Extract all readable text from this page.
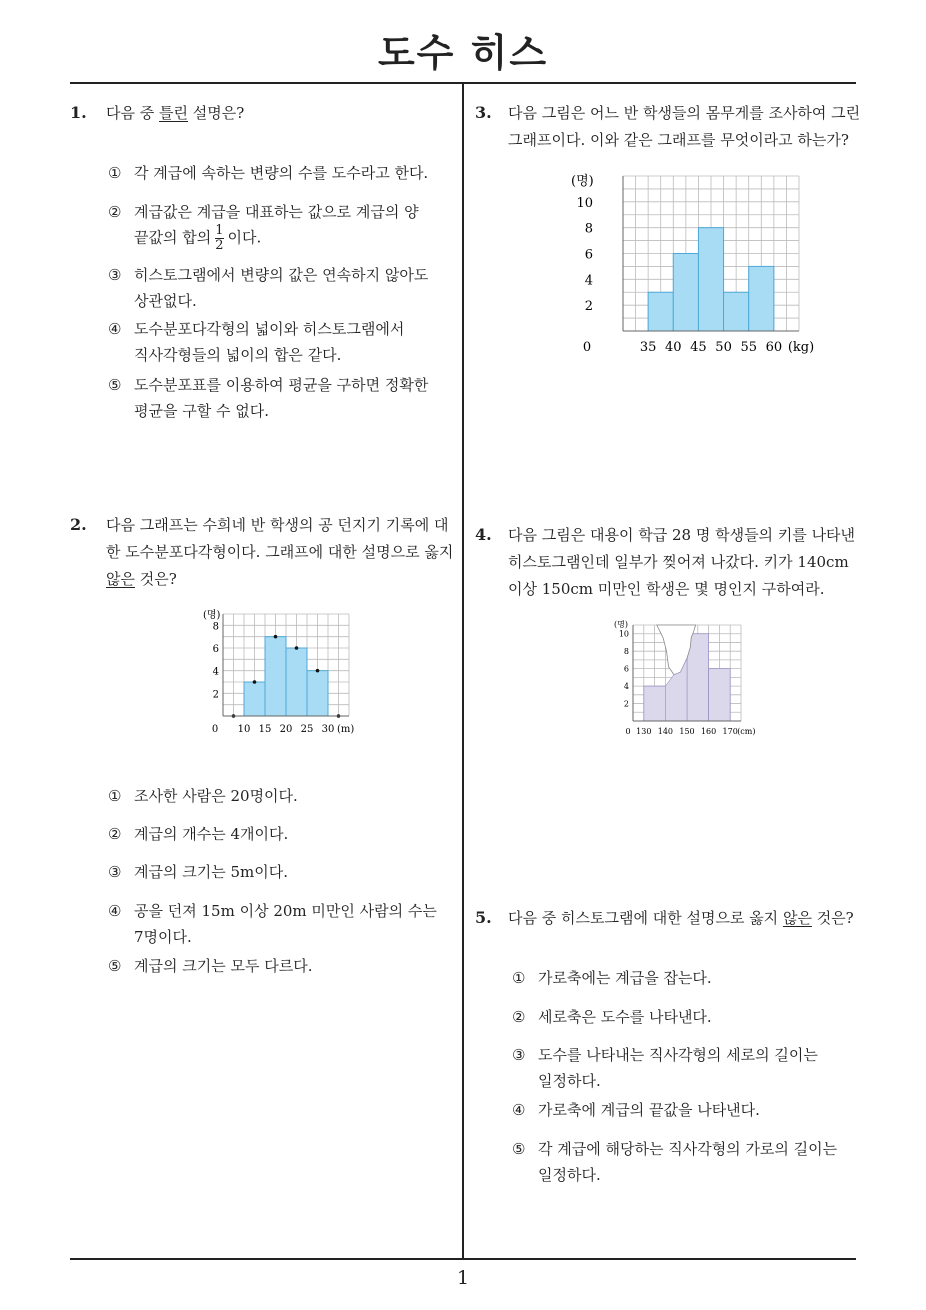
도수 히스
1
1. 다음 중 틀린 설명은?
① 각 계급에 속하는 변량의 수를 도수라고 한다.
② 계급값은 계급을 대표하는 값으로 계급의 양
끝값의 합의 $\frac{1}{2}$ 이다.
③ 히스토그램에서 변량의 값은 연속하지 않아도
상관없다.
④ 도수분포다각형의 넓이와 히스토그램에서
직사각형들의 넓이의 합은 같다.
⑤ 도수분포표를 이용하여 평균을 구하면 정확한
평균을 구할 수 없다.
2. 다음 그래프는 수희네 반 학생의 공 던지기 기록에 대
한 도수분포다각형이다. 그래프에 대한 설명으로 옳지
않은 것은?
(명)
2
4
6
8
0 10 15 20 25 30 (m)
① 조사한 사람은 20명이다.
② 계급의 개수는 4개이다.
③ 계급의 크기는 5m이다.
④ 공을 던져 15m 이상 20m 미만인 사람의 수는
7명이다.
⑤ 계급의 크기는 모두 다르다.
3. 다음 그림은 어느 반 학생들의 몸무게를 조사하여 그린
그래프이다. 이와 같은 그래프를 무엇이라고 하는가?
(명)
2
4
6
8
10
0	35 40 45 50 55 60 (kg)
4. 다음 그림은 대용이 학급 28 명 학생들의 키를 나타낸
히스토그램인데 일부가 찢어져 나갔다. 키가 140cm
이상 150cm 미만인 학생은 몇 명인지 구하여라.
(명)
2
4
6
8
10
0 130 140 150 160 170 (cm)
5. 다음 중 히스토그램에 대한 설명으로 옳지 않은 것은?
① 가로축에는 계급을 잡는다.
② 세로축은 도수를 나타낸다.
③ 도수를 나타내는 직사각형의 세로의 길이는
일정하다.
④ 가로축에 계급의 끝값을 나타낸다.
⑤ 각 계급에 해당하는 직사각형의 가로의 길이는
일정하다.
